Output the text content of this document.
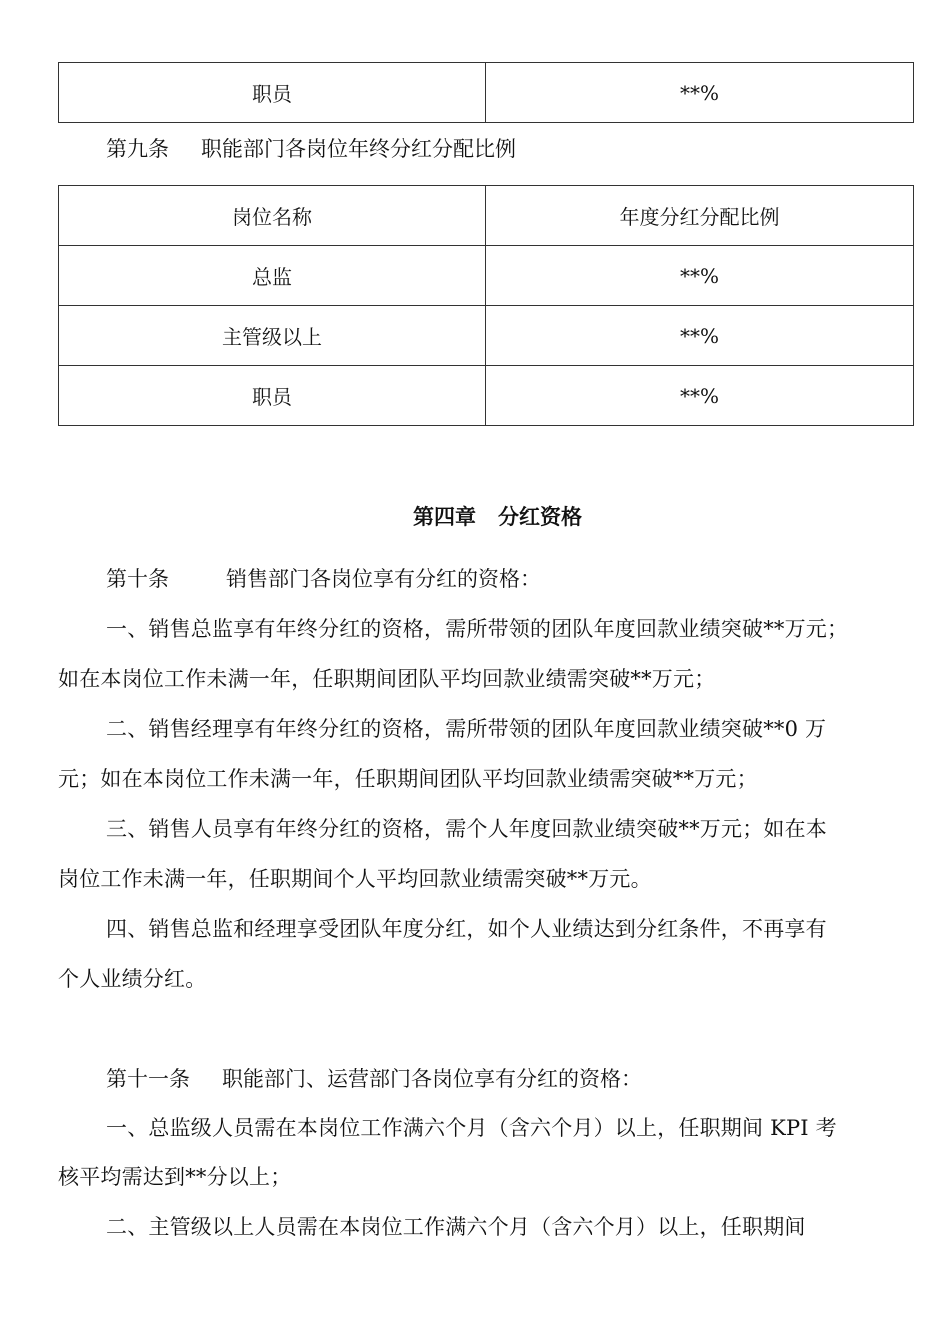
职员	**%
第九条 职能部门各岗位年终分红分配比例
岗位名称	年度分红分配比例
总监	**%
主管级以上	**%
职员	**%
第四章 分红资格
第十条	销售部门各岗位享有分红的资格：
一、销售总监享有年终分红的资格，需所带领的团队年度回款业绩突破**万元；
如在本岗位工作未满一年，任职期间团队平均回款业绩需突破**万元；
二、销售经理享有年终分红的资格，需所带领的团队年度回款业绩突破**0 万
元；如在本岗位工作未满一年，任职期间团队平均回款业绩需突破**万元；
三、销售人员享有年终分红的资格，需个人年度回款业绩突破**万元；如在本
岗位工作未满一年，任职期间个人平均回款业绩需突破**万元。
四、销售总监和经理享受团队年度分红，如个人业绩达到分红条件，不再享有
个人业绩分红。
第十一条 职能部门、运营部门各岗位享有分红的资格：
一、总监级人员需在本岗位工作满六个月（含六个月）以上，任职期间 KPI 考
核平均需达到**分以上；
二、主管级以上人员需在本岗位工作满六个月（含六个月）以上，任职期间
